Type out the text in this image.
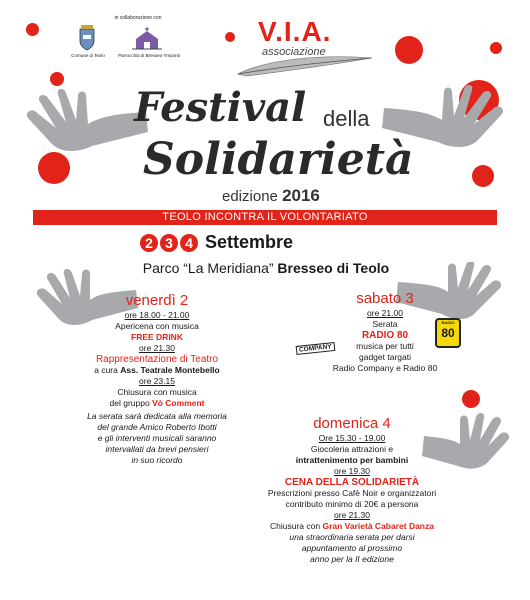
in collaborazione con
Comune di Teolo	Parrocchia di Bresseo-Treponti
V.I.A.
associazione
Festival della
Solidarietà
edizione 2016
TEOLO INCONTRA IL VOLONTARIATO
2 3 4 Settembre
Parco “La Meridiana” Bresseo di Teolo
venerdì 2
ore 18.00 - 21.00
Apericena con musica
FREE DRINK
ore 21.30
Rappresentazione di Teatro
a cura Ass. Teatrale Montebello
ore 23.15
Chiusura con musica
del gruppo Vò Comment
La serata sarà dedicata alla memoria
del grande Amico Roberto Ibotti
e gli interventi musicali saranno
intervallati da brevi pensieri
in suo ricordo
sabato 3
ore 21.00
Serata
RADIO 80
musica per tutti
gadget targati
Radio Company e Radio 80
COMPANY
RADIO
80
domenica 4
Ore 15.30 - 19.00
Giocoleria attrazioni e
intrattenimento per bambini
ore 19.30
CENA DELLA SOLIDARIETÀ
Prescrizioni presso Cafè Noir e organizzatori
contributo minimo di 20€ a persona
ore 21.30
Chiusura con Gran Varietà Cabaret Danza
una straordinaria serata per darsi
appuntamento al prossimo
anno per la II edizione
